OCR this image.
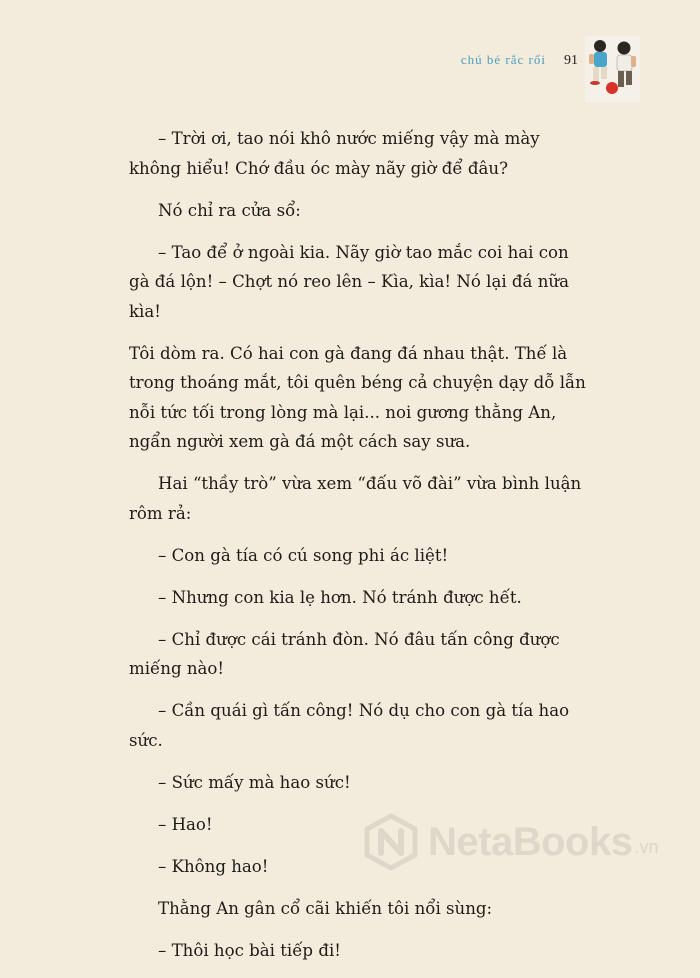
chú bé rắc rối 91

– Trời ơi, tao nói khô nước miếng vậy mà mày không hiểu! Chớ đầu óc mày nãy giờ để đâu?

Nó chỉ ra cửa sổ:

– Tao để ở ngoài kia. Nãy giờ tao mắc coi hai con gà đá lộn! – Chợt nó reo lên – Kìa, kìa! Nó lại đá nữa kìa!

Tôi dòm ra. Có hai con gà đang đá nhau thật. Thế là trong thoáng mắt, tôi quên béng cả chuyện dạy dỗ lẫn nỗi tức tối trong lòng mà lại... noi gương thằng An, ngẩn người xem gà đá một cách say sưa.

Hai “thầy trò” vừa xem “đấu võ đài” vừa bình luận rôm rả:

– Con gà tía có cú song phi ác liệt!

– Nhưng con kia lẹ hơn. Nó tránh được hết.

– Chỉ được cái tránh đòn. Nó đâu tấn công được miếng nào!

– Cần quái gì tấn công! Nó dụ cho con gà tía hao sức.

– Sức mấy mà hao sức!

– Hao!

– Không hao!

Thằng An gân cổ cãi khiến tôi nổi sùng:

– Thôi học bài tiếp đi!

NetaBooks .vn
